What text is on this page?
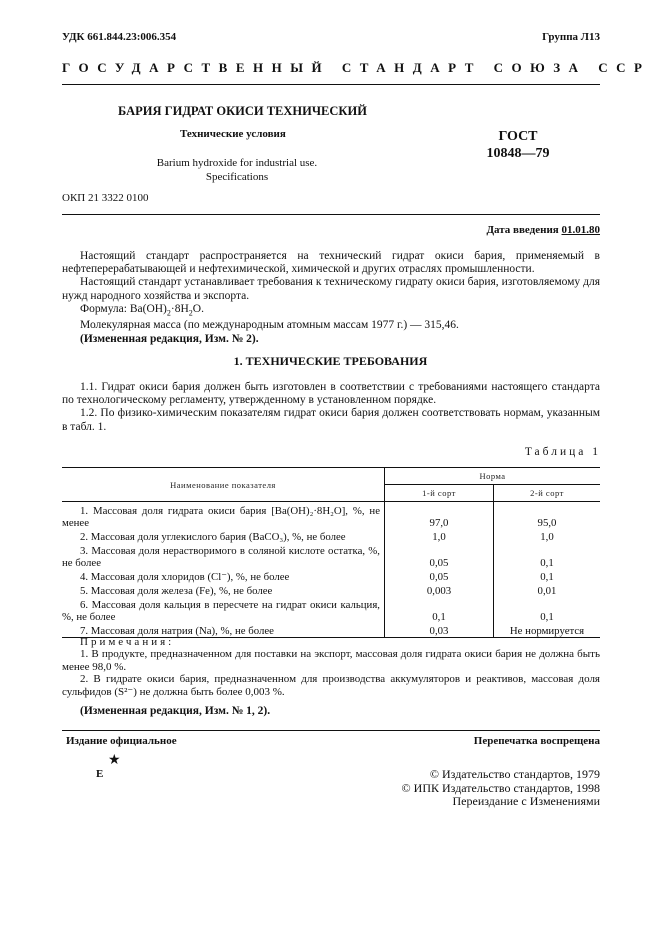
УДК 661.844.23:006.354	Группа Л13
ГОСУДАРСТВЕННЫЙ СТАНДАРТ СОЮЗА ССР
БАРИЯ ГИДРАТ ОКИСИ ТЕХНИЧЕСКИЙ
Технические условия	ГОСТ
10848—79
Barium hydroxide for industrial use.
Specifications
ОКП 21 3322 0100
Дата введения 01.01.80

Настоящий стандарт распространяется на технический гидрат окиси бария, применяемый в нефтеперерабатывающей и нефтехимической, химической и других отраслях промышленности.

Настоящий стандарт устанавливает требования к техническому гидрату окиси бария, изготовляемому для нужд народного хозяйства и экспорта.

Формула: $Ba(OH)_2\cdot 8H_2O$.

Молекулярная масса (по международным атомным массам 1977 г.) — 315,46.

(Измененная редакция, Изм. № 2).

1. ТЕХНИЧЕСКИЕ ТРЕБОВАНИЯ

1.1. Гидрат окиси бария должен быть изготовлен в соответствии с требованиями настоящего стандарта по технологическому регламенту, утвержденному в установленном порядке.

1.2. По физико-химическим показателям гидрат окиси бария должен соответствовать нормам, указанным в табл. 1.

Таблица 1
Наименование показателя	Норма	
	1-й сорт	2-й сорт
1. Массовая доля гидрата окиси бария [Ba(OH)₂·8H₂O], %, не менее	97,0	95,0
2. Массовая доля углекислого бария (BaCO₃), %, не более	1,0	1,0
3. Массовая доля нерастворимого в соляной кислоте остатка, %, не более	0,05	0,1
4. Массовая доля хлоридов (Cl⁻), %, не более	0,05	0,1
5. Массовая доля железа (Fe), %, не более	0,003	0,01
6. Массовая доля кальция в пересчете на гидрат окиси кальция, %, не более	0,1	0,1
7. Массовая доля натрия (Na), %, не более	0,03	Не нормируется

Примечания:

1. В продукте, предназначенном для поставки на экспорт, массовая доля гидрата окиси бария не должна быть менее 98,0 %.

2. В гидрате окиси бария, предназначенном для производства аккумуляторов и реактивов, массовая доля сульфидов (S²⁻) не должна быть более 0,003 %.

(Измененная редакция, Изм. № 1, 2).
Издание официальное	Перепечатка воспрещена
★
E	© Издательство стандартов, 1979
© ИПК Издательство стандартов, 1998
Переиздание с Изменениями
